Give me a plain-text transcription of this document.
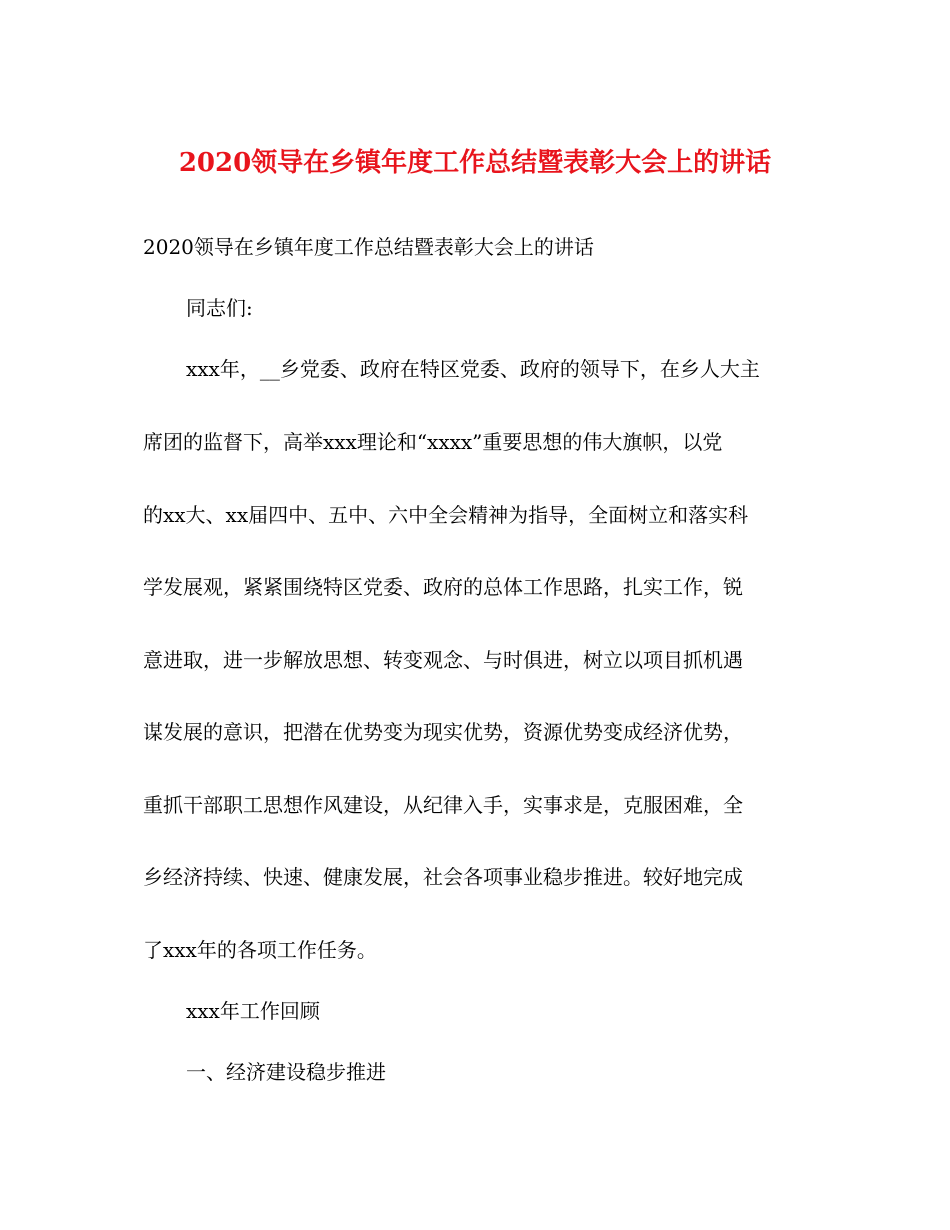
2020领导在乡镇年度工作总结暨表彰大会上的讲话
2020领导在乡镇年度工作总结暨表彰大会上的讲话
同志们:
xxx年，__乡党委、政府在特区党委、政府的领导下，在乡人大主
席团的监督下，高举xxx理论和“xxxx”重要思想的伟大旗帜，以党
的xx大、xx届四中、五中、六中全会精神为指导，全面树立和落实科
学发展观，紧紧围绕特区党委、政府的总体工作思路，扎实工作，锐
意进取，进一步解放思想、转变观念、与时俱进，树立以项目抓机遇
谋发展的意识，把潜在优势变为现实优势，资源优势变成经济优势，
重抓干部职工思想作风建设，从纪律入手，实事求是，克服困难，全
乡经济持续、快速、健康发展，社会各项事业稳步推进。较好地完成
了xxx年的各项工作任务。
xxx年工作回顾
一、经济建设稳步推进
